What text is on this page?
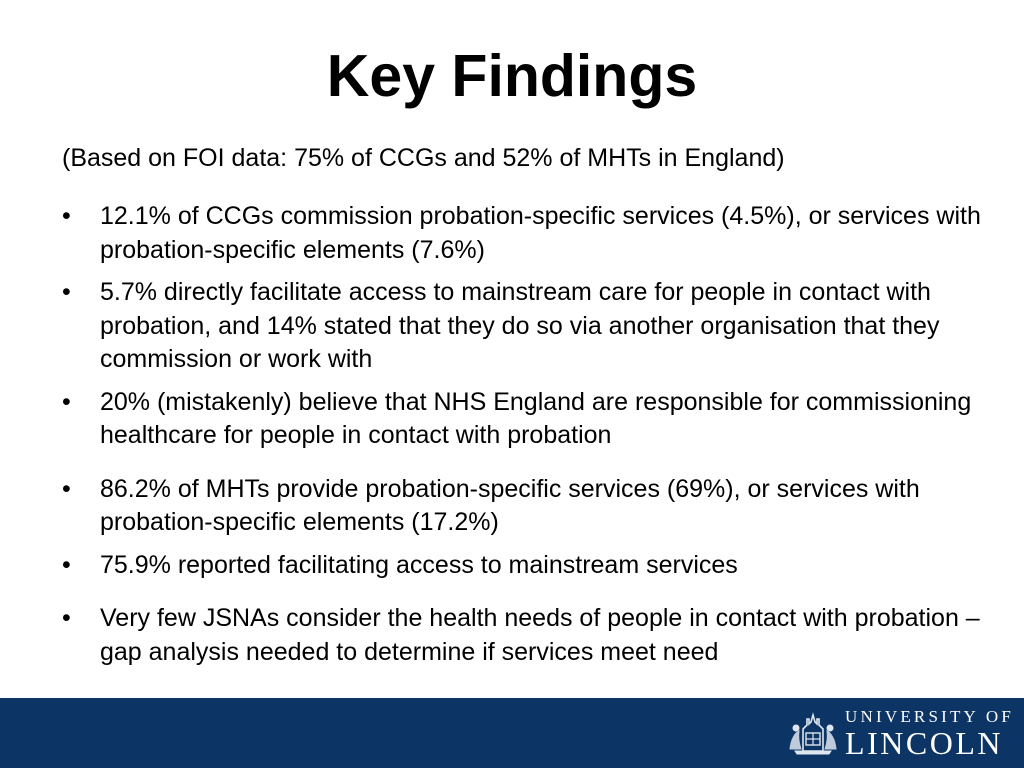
Key Findings
(Based on FOI data: 75% of CCGs and 52% of MHTs in England)
•	12.1% of CCGs commission probation-specific services (4.5%), or services with probation-specific elements (7.6%)
•	5.7% directly facilitate access to mainstream care for people in contact with probation, and 14% stated that they do so via another organisation that they commission or work with
•	20% (mistakenly) believe that NHS England are responsible for commissioning healthcare for people in contact with probation
•	86.2% of MHTs provide probation-specific services (69%), or services with probation-specific elements (17.2%)
•	75.9% reported facilitating access to mainstream services
•	Very few JSNAs consider the health needs of people in contact with probation – gap analysis needed to determine if services meet need
UNIVERSITY OF
LINCOLN
